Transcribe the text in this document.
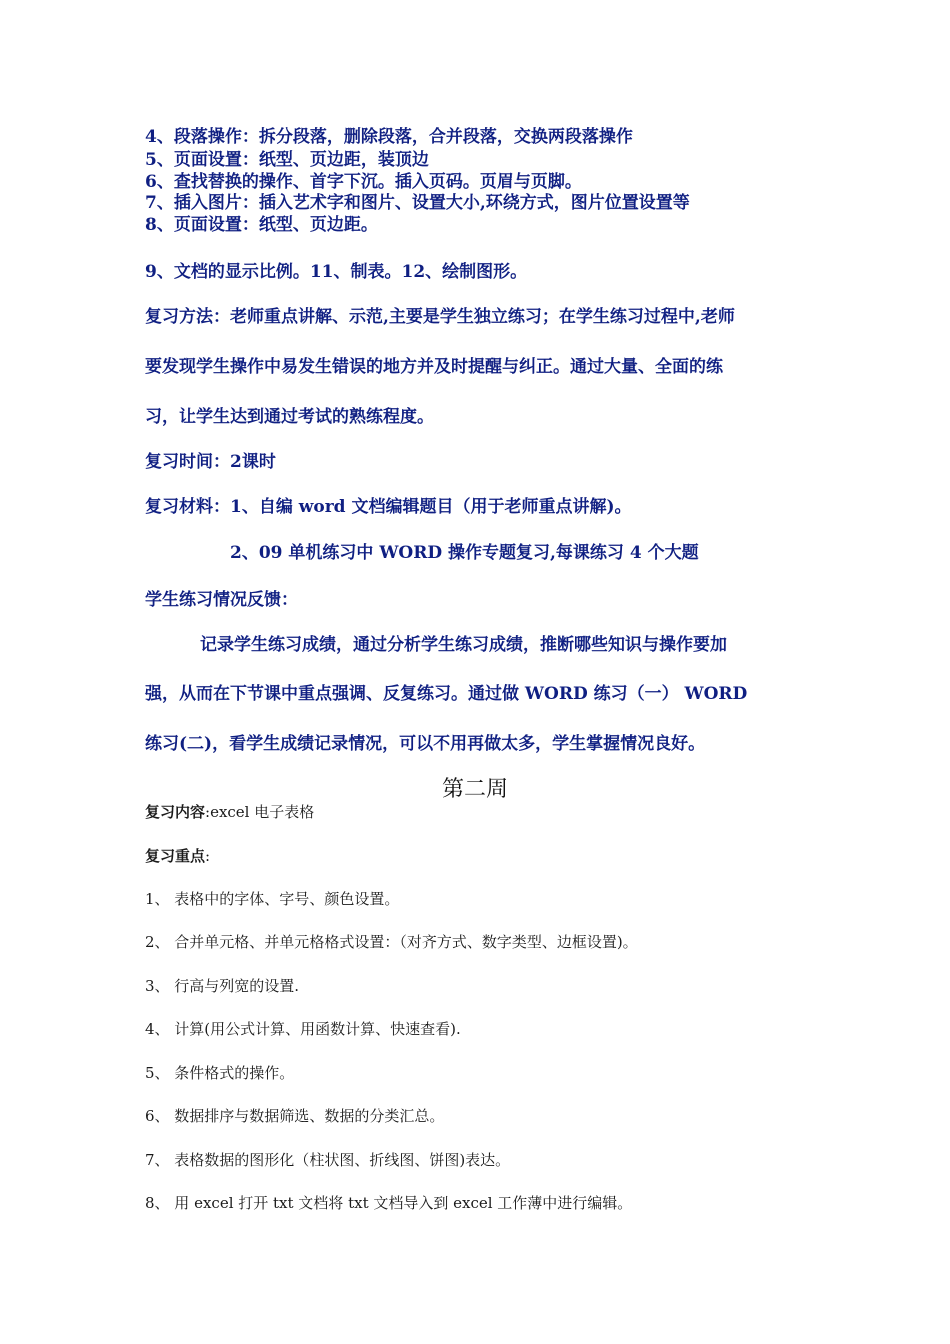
4、段落操作：拆分段落，删除段落，合并段落，交换两段落操作
5、页面设置：纸型、页边距，装顶边
6、查找替换的操作、首字下沉。插入页码。页眉与页脚。
7、插入图片：插入艺术字和图片、设置大小,环绕方式，图片位置设置等
8、页面设置：纸型、页边距。
9、文档的显示比例。11、制表。12、绘制图形。
复习方法：老师重点讲解、示范,主要是学生独立练习；在学生练习过程中,老师
要发现学生操作中易发生错误的地方并及时提醒与纠正。通过大量、全面的练
习，让学生达到通过考试的熟练程度。
复习时间：2课时
复习材料：1、自编 word 文档编辑题目（用于老师重点讲解)。
2、09 单机练习中 WORD 操作专题复习,每课练习 4 个大题
学生练习情况反馈：
记录学生练习成绩，通过分析学生练习成绩，推断哪些知识与操作要加
强，从而在下节课中重点强调、反复练习。通过做 WORD 练习（一） WORD
练习(二)，看学生成绩记录情况，可以不用再做太多，学生掌握情况良好。
第二周
复习内容:excel 电子表格
复习重点:
1、 表格中的字体、字号、颜色设置。
2、 合并单元格、并单元格格式设置：（对齐方式、数字类型、边框设置)。
3、 行高与列宽的设置.
4、 计算(用公式计算、用函数计算、快速查看).
5、 条件格式的操作。
6、 数据排序与数据筛选、数据的分类汇总。
7、 表格数据的图形化（柱状图、折线图、饼图)表达。
8、 用 excel 打开 txt 文档将 txt 文档导入到 excel 工作薄中进行编辑。
